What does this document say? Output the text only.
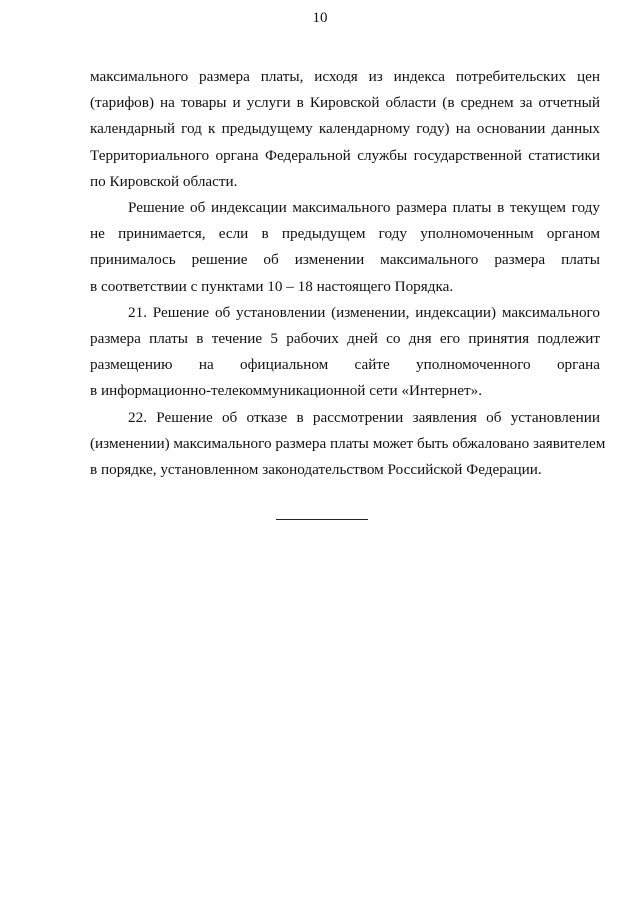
10
максимального размера платы, исходя из индекса потребительских цен
(тарифов) на товары и услуги в Кировской области (в среднем за отчетный
календарный год к предыдущему календарному году) на основании данных
Территориального органа Федеральной службы государственной статистики
по Кировской области.
Решение об индексации максимального размера платы в текущем году
не принимается, если в предыдущем году уполномоченным органом
принималось решение об изменении максимального размера платы
в соответствии с пунктами 10 – 18 настоящего Порядка.
21. Решение об установлении (изменении, индексации) максимального
размера платы в течение 5 рабочих дней со дня его принятия подлежит
размещению на официальном сайте уполномоченного органа
в информационно-телекоммуникационной сети «Интернет».
22. Решение об отказе в рассмотрении заявления об установлении
(изменении) максимального размера платы может быть обжаловано заявителем
в порядке, установленном законодательством Российской Федерации.
